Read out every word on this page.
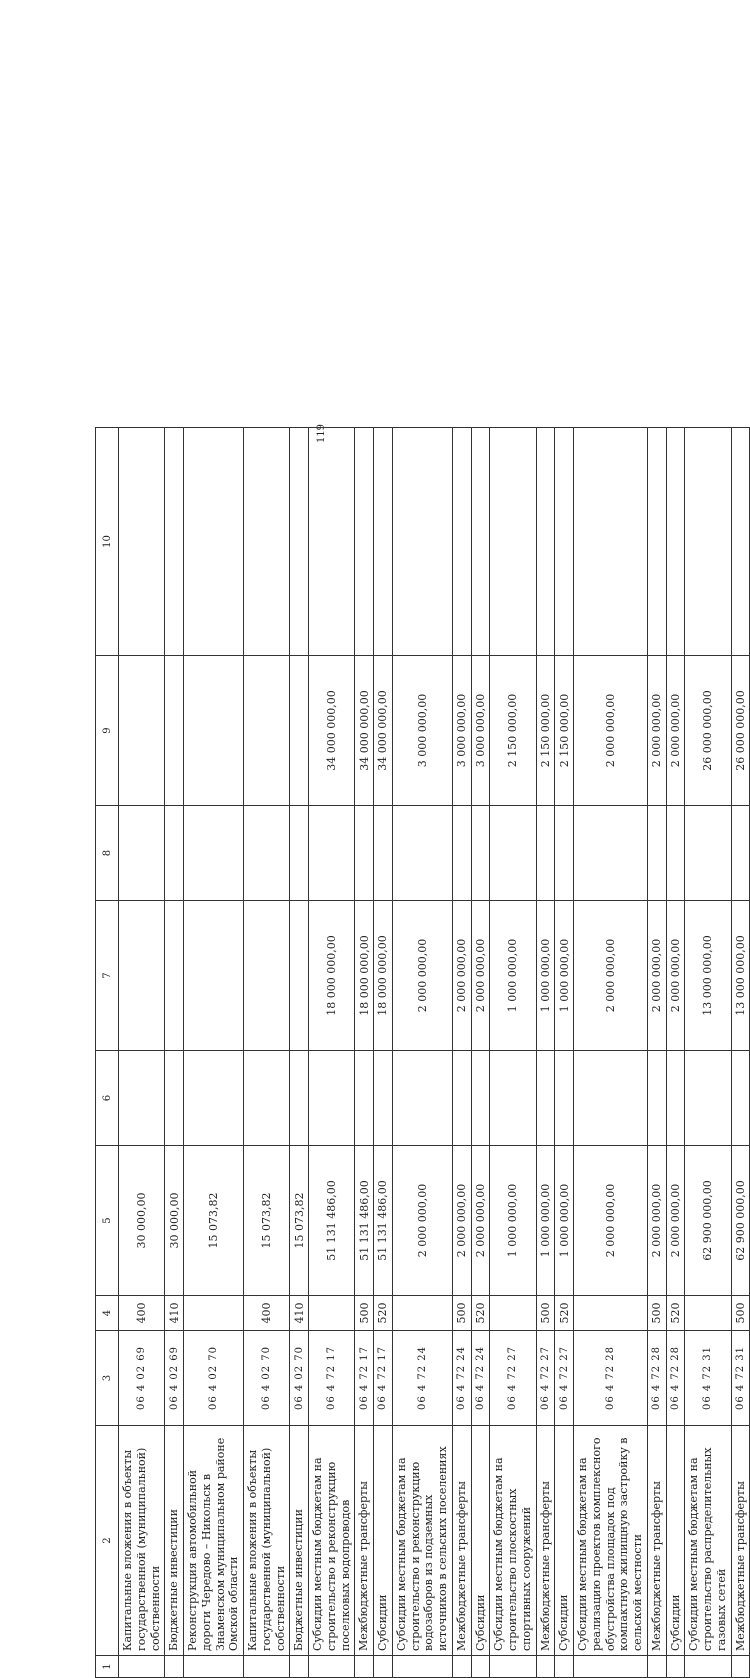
119
1	2	3	4	5	6	7	8	9	10
	Капитальные вложения в объекты государственной (муниципальной) собственности	06 4 02 69	400	30 000,00					
	Бюджетные инвестиции	06 4 02 69	410	30 000,00					
	Реконструкция автомобильной дороги Чередово – Никольск в Знаменском муниципальном районе Омской области	06 4 02 70		15 073,82					
	Капитальные вложения в объекты государственной (муниципальной) собственности	06 4 02 70	400	15 073,82					
	Бюджетные инвестиции	06 4 02 70	410	15 073,82					
	Субсидии местным бюджетам на строительство и реконструкцию поселковых водопроводов	06 4 72 17		51 131 486,00		18 000 000,00		34 000 000,00	
	Межбюджетные трансферты	06 4 72 17	500	51 131 486,00		18 000 000,00		34 000 000,00	
	Субсидии	06 4 72 17	520	51 131 486,00		18 000 000,00		34 000 000,00	
	Субсидии местным бюджетам на строительство и реконструкцию водозаборов из подземных источников в сельских поселениях	06 4 72 24		2 000 000,00		2 000 000,00		3 000 000,00	
	Межбюджетные трансферты	06 4 72 24	500	2 000 000,00		2 000 000,00		3 000 000,00	
	Субсидии	06 4 72 24	520	2 000 000,00		2 000 000,00		3 000 000,00	
	Субсидии местным бюджетам на строительство плоскостных спортивных сооружений	06 4 72 27		1 000 000,00		1 000 000,00		2 150 000,00	
	Межбюджетные трансферты	06 4 72 27	500	1 000 000,00		1 000 000,00		2 150 000,00	
	Субсидии	06 4 72 27	520	1 000 000,00		1 000 000,00		2 150 000,00	
	Субсидии местным бюджетам на реализацию проектов комплексного обустройства площадок под компактную жилищную застройку в сельской местности	06 4 72 28		2 000 000,00		2 000 000,00		2 000 000,00	
	Межбюджетные трансферты	06 4 72 28	500	2 000 000,00		2 000 000,00		2 000 000,00	
	Субсидии	06 4 72 28	520	2 000 000,00		2 000 000,00		2 000 000,00	
	Субсидии местным бюджетам на строительство распределительных газовых сетей	06 4 72 31		62 900 000,00		13 000 000,00		26 000 000,00	
	Межбюджетные трансферты	06 4 72 31	500	62 900 000,00		13 000 000,00		26 000 000,00	
